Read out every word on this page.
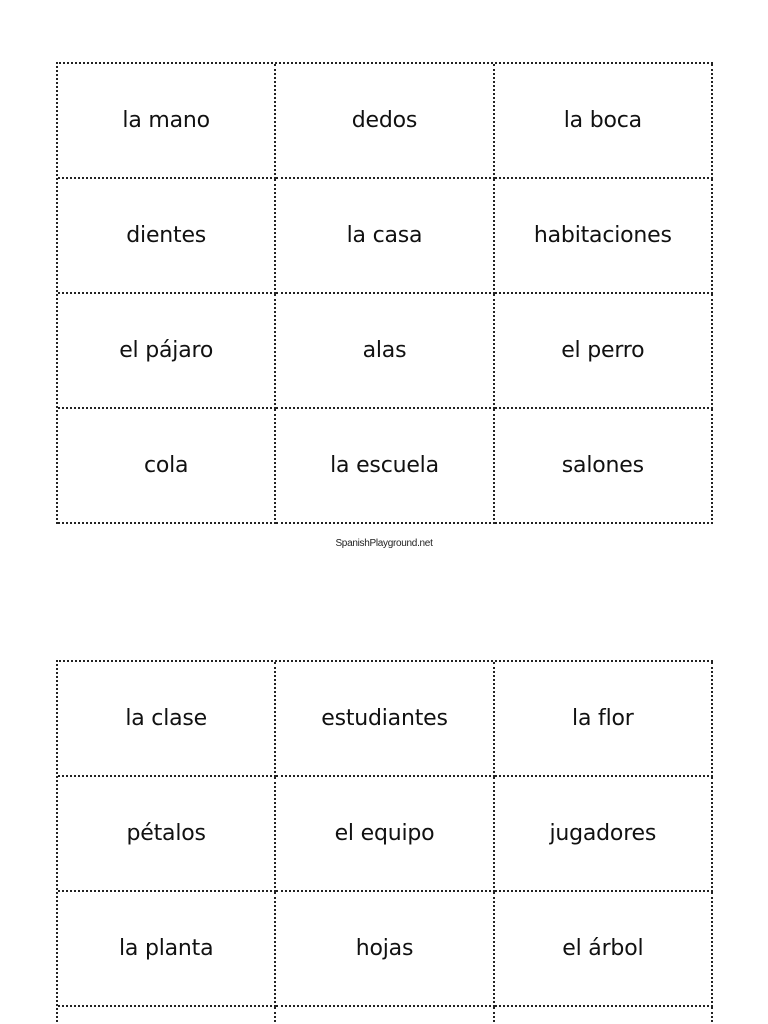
la mano	dedos	la boca
dientes	la casa	habitaciones
el pájaro	alas	el perro
cola	la escuela	salones
SpanishPlayground.net
la clase	estudiantes	la flor
pétalos	el equipo	jugadores
la planta	hojas	el árbol
